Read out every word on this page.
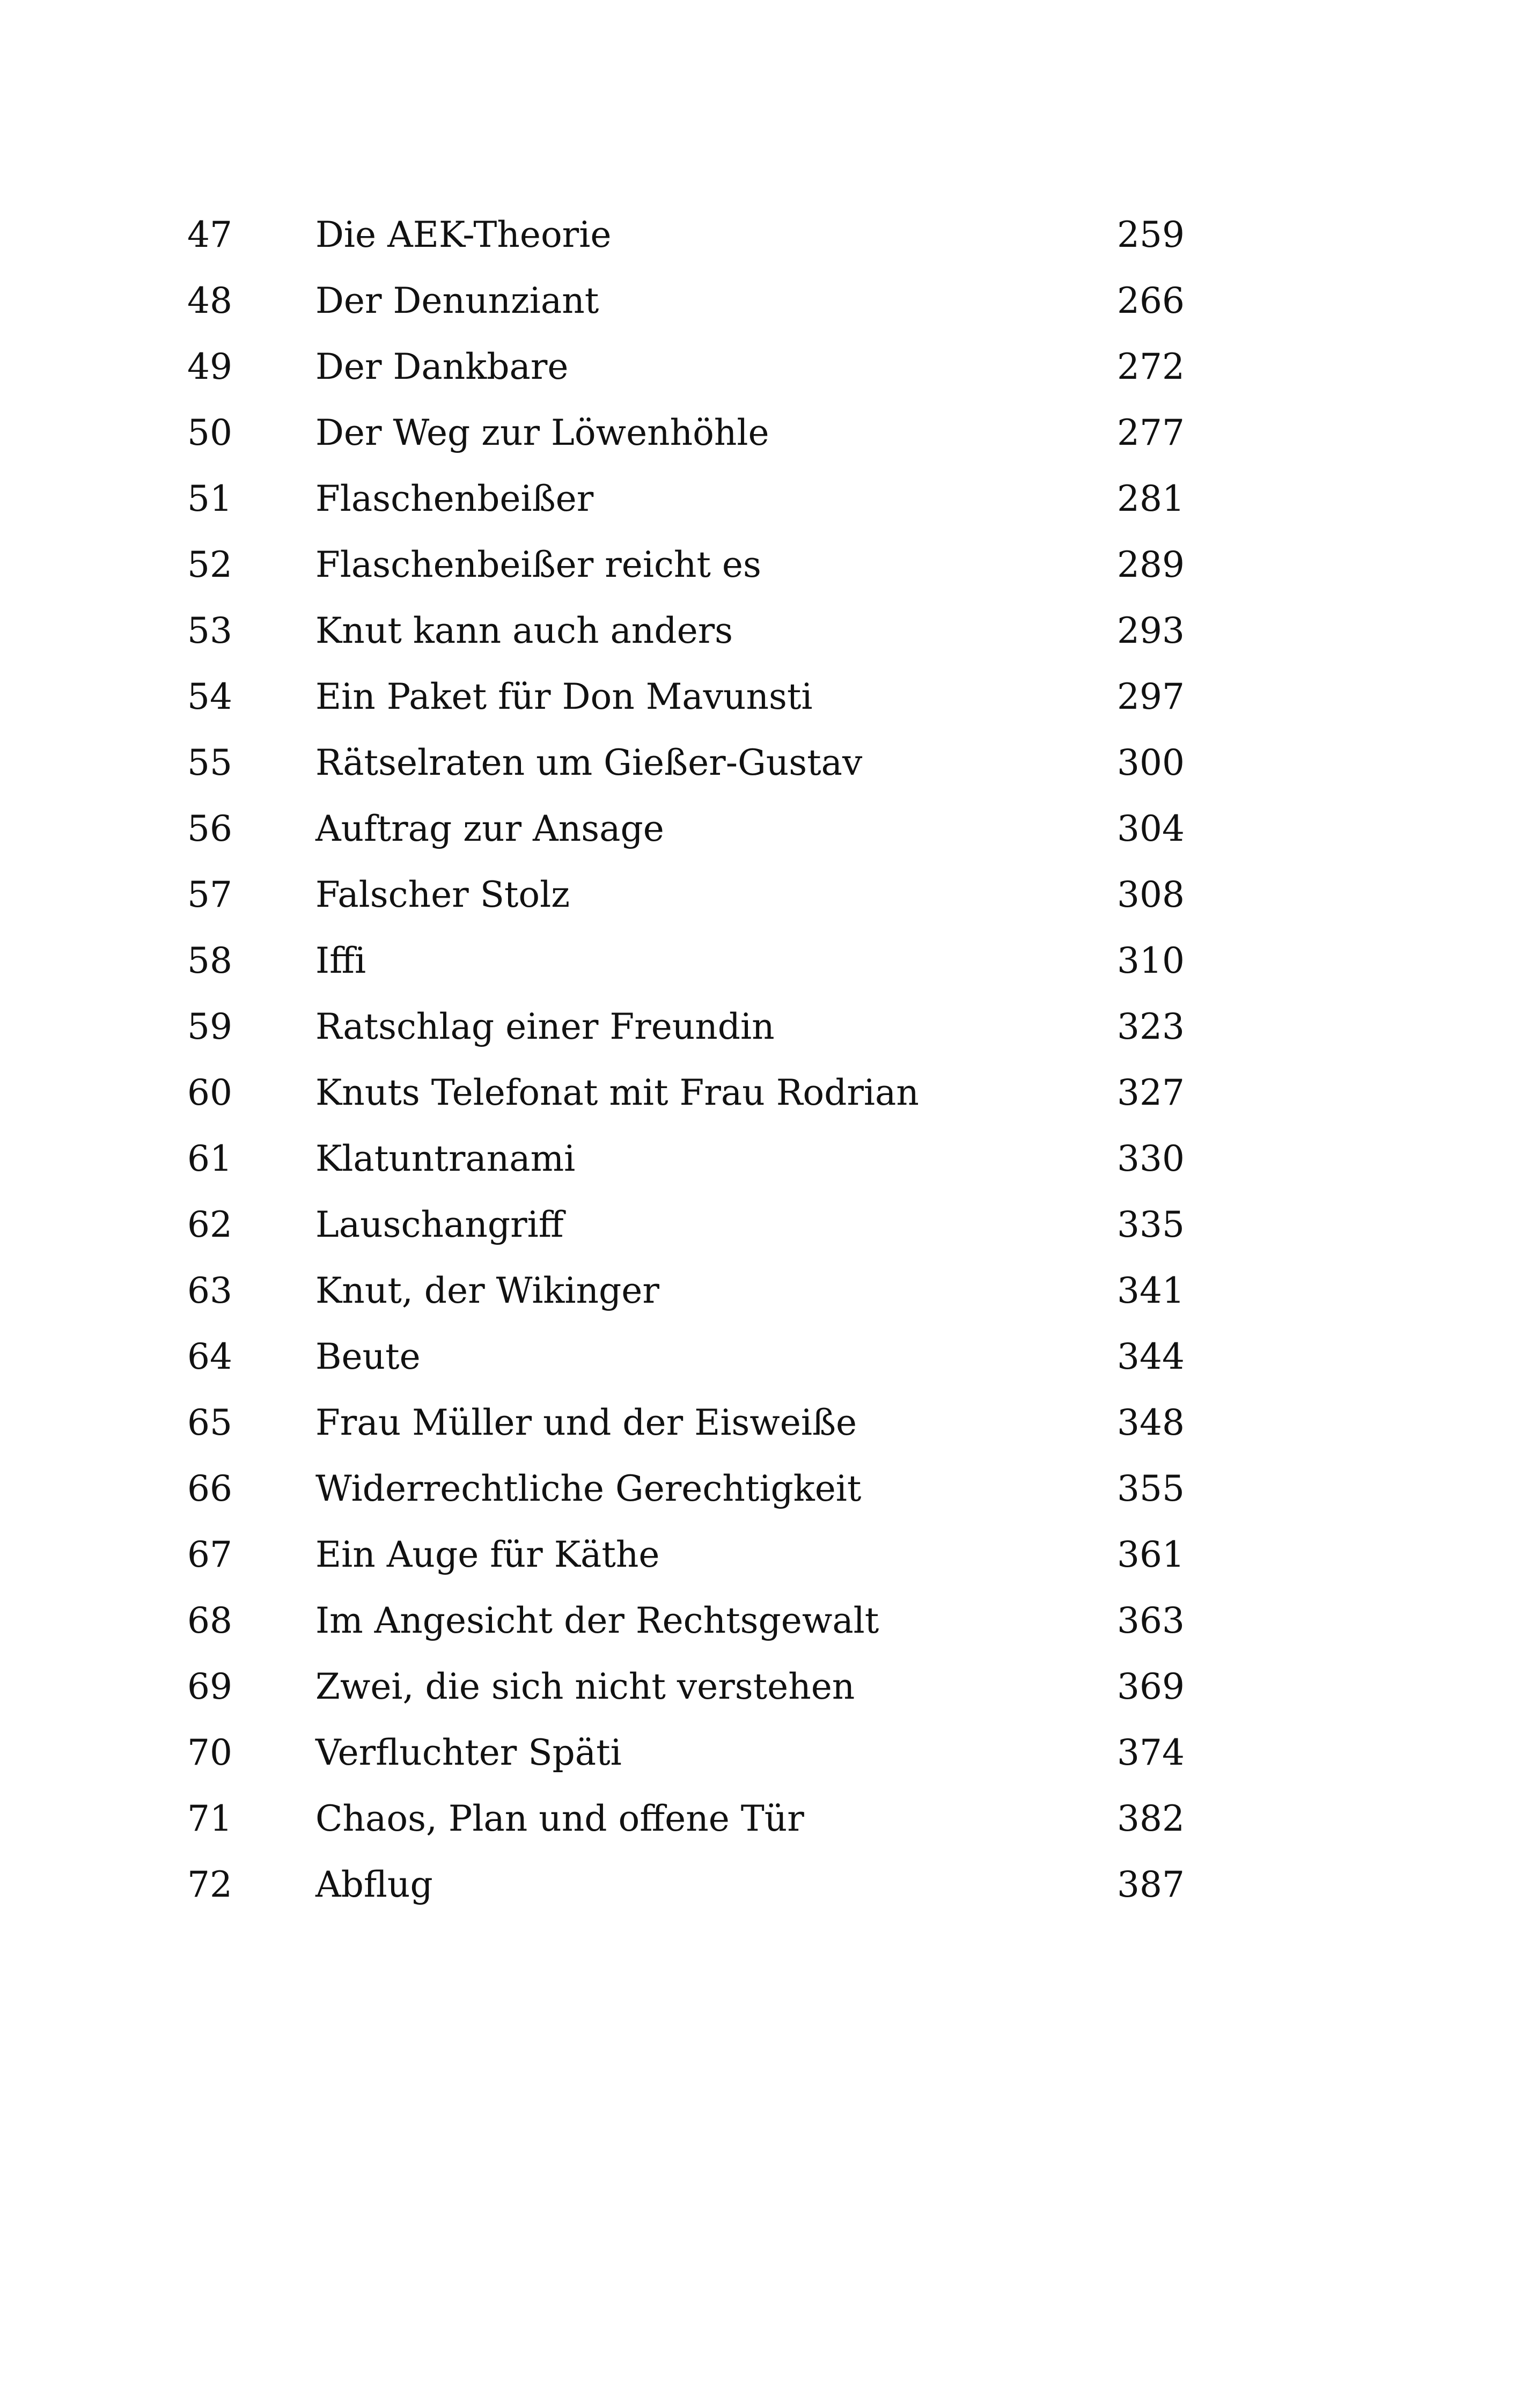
47 Die AEK-Theorie	259
48 Der Denunziant	266
49 Der Dankbare	272
50 Der Weg zur Löwenhöhle	277
51 Flaschenbeißer	281
52 Flaschenbeißer reicht es	289
53 Knut kann auch anders	293
54 Ein Paket für Don Mavunsti	297
55 Rätselraten um Gießer-Gustav	300
56 Auftrag zur Ansage	304
57 Falscher Stolz	308
58 Iffi	310
59 Ratschlag einer Freundin	323
60 Knuts Telefonat mit Frau Rodrian	327
61 Klatuntranami	330
62 Lauschangriff	335
63 Knut, der Wikinger	341
64 Beute	344
65 Frau Müller und der Eisweiße	348
66 Widerrechtliche Gerechtigkeit	355
67 Ein Auge für Käthe	361
68 Im Angesicht der Rechtsgewalt	363
69 Zwei, die sich nicht verstehen	369
70 Verfluchter Späti	374
71 Chaos, Plan und offene Tür	382
72 Abflug	387
